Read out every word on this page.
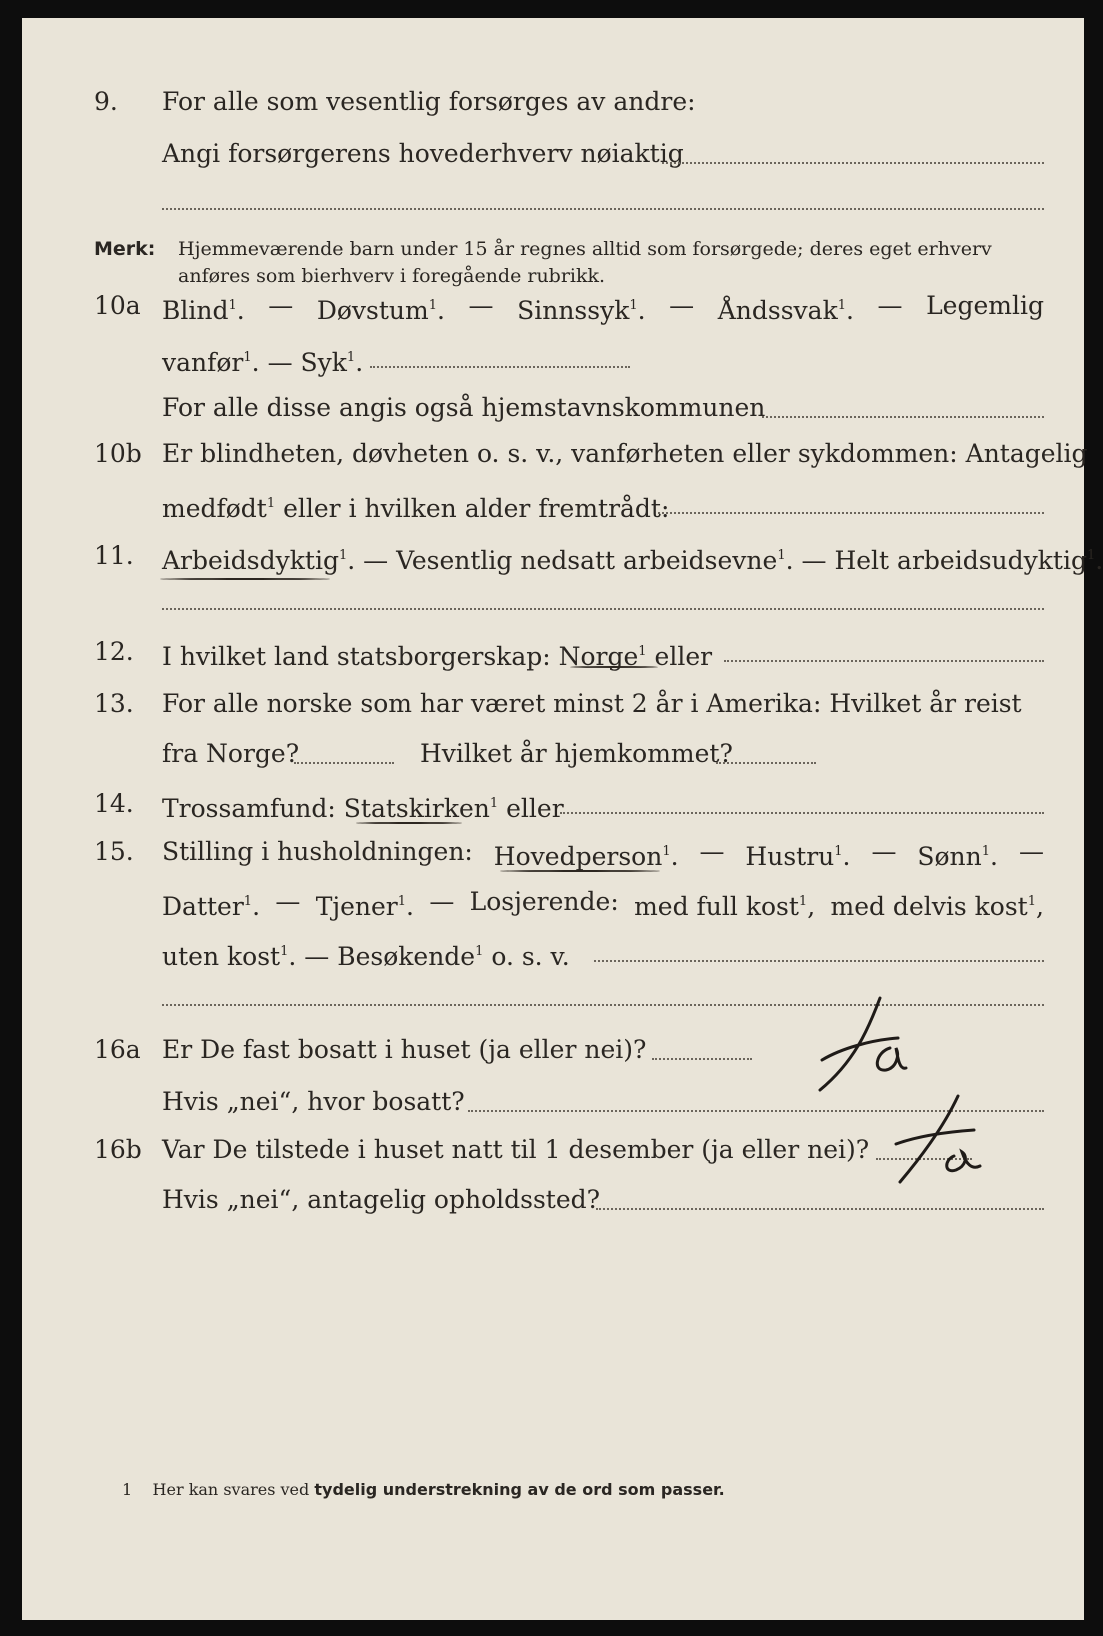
9. For alle som vesentlig forsørges av andre:
Angi forsørgerens hovederhverv nøiaktig
Merk: Hjemmeværende barn under 15 år regnes alltid som forsørgede; deres eget erhverv
anføres som bierhverv i foregående rubrikk.
10a Blind$^1$. — Døvstum$^1$. — Sinnssyk$^1$. — Åndssvak$^1$. — Legemlig
vanfør$^1$. — Syk$^1$.
For alle disse angis også hjemstavnskommunen
10b Er blindheten, døvheten o. s. v., vanførheten eller sykdommen: Antagelig
medfødt$^1$ eller i hvilken alder fremtrådt:
11. Arbeidsdyktig$^1$. — Vesentlig nedsatt arbeidsevne$^1$. — Helt arbeidsudyktig$^1$.
12. I hvilket land statsborgerskap: Norge$^1$ eller
13. For alle norske som har været minst 2 år i Amerika: Hvilket år reist
fra Norge?	Hvilket år hjemkommet?
14. Trossamfund: Statskirken$^1$ eller
15. Stilling i husholdningen: Hovedperson$^1$. — Hustru$^1$. — Sønn$^1$. —
Datter$^1$. — Tjener$^1$. — Losjerende: med full kost$^1$, med delvis kost$^1$,
uten kost$^1$. — Besøkende$^1$ o. s. v.
16a Er De fast bosatt i huset (ja eller nei)?
Ja
Hvis „nei“, hvor bosatt?
16b Var De tilstede i huset natt til 1 desember (ja eller nei)?
Ja
Hvis „nei“, antagelig opholdssted?
1 Her kan svares ved tydelig understrekning av de ord som passer.
